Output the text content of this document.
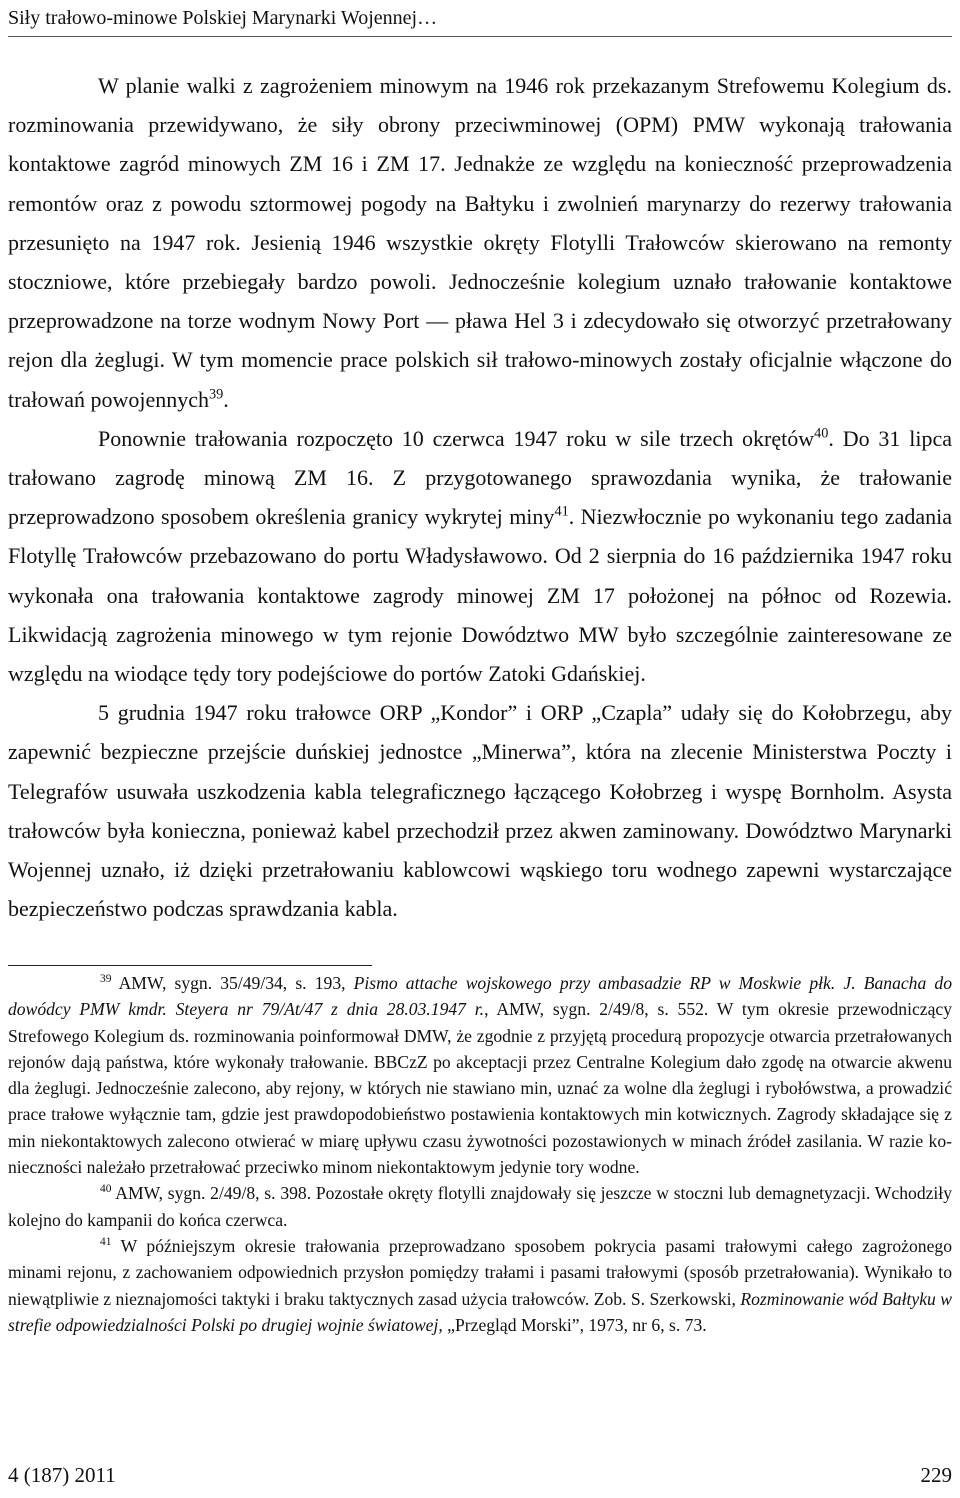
Siły trałowo-minowe Polskiej Marynarki Wojennej…

W planie walki z zagrożeniem minowym na 1946 rok przekazanym Strefowemu Kolegium ds. rozminowania przewidywano, że siły obrony przeciwminowej (OPM) PMW wykonają trałowania kontaktowe zagród minowych ZM 16 i ZM 17. Jednakże ze względu na konieczność przeprowadzenia remontów oraz z powodu sztormowej pogody na Bałtyku i zwolnień marynarzy do rezerwy trałowania przesunięto na 1947 rok. Jesienią 1946 wszystkie okręty Flotylli Trałowców skierowano na remonty stoczniowe, które przebiegały bardzo powoli. Jednocześnie kolegium uznało trałowanie kontaktowe przeprowadzone na torze wodnym Nowy Port — pława Hel 3 i zdecydowało się otworzyć przetrałowany rejon dla żeglugi. W tym momencie prace polskich sił trałowo-minowych zostały oficjalnie włączone do trałowań powojennych$^{39}$.

Ponownie trałowania rozpoczęto 10 czerwca 1947 roku w sile trzech okrętów$^{40}$. Do 31 lipca trałowano zagrodę minową ZM 16. Z przygotowanego sprawozdania wynika, że trałowanie przeprowadzono sposobem określenia granicy wykrytej miny$^{41}$. Niezwłocznie po wykonaniu tego zadania Flotyllę Trałowców przebazowano do portu Władysławowo. Od 2 sierpnia do 16 października 1947 roku wykonała ona trałowania kontaktowe zagrody minowej ZM 17 położonej na północ od Rozewia. Likwidacją zagrożenia minowego w tym rejonie Dowództwo MW było szczególnie zainteresowane ze względu na wiodące tędy tory podejściowe do portów Zatoki Gdańskiej.

5 grudnia 1947 roku trałowce ORP „Kondor” i ORP „Czapla” udały się do Kołobrzegu, aby zapewnić bezpieczne przejście duńskiej jednostce „Minerwa”, która na zlecenie Ministerstwa Poczty i Telegrafów usuwała uszkodzenia kabla telegraficznego łączącego Kołobrzeg i wyspę Bornholm. Asysta trałowców była konieczna, ponieważ kabel przechodził przez akwen zaminowany. Dowództwo Marynarki Wojennej uznało, iż dzięki przetrałowaniu kablowcowi wąskiego toru wodnego zapewni wystarczające bezpieczeństwo podczas sprawdzania kabla.

$^{39}$ AMW, sygn. 35/49/34, s. 193, Pismo attache wojskowego przy ambasadzie RP w Moskwie płk. J. Banacha do dowódcy PMW kmdr. Steyera nr 79/At/47 z dnia 28.03.1947 r., AMW, sygn. 2/49/8, s. 552. W tym okresie przewodniczący Strefowego Kolegium ds. rozminowania poinformował DMW, że zgodnie z przyjętą procedurą propozycje otwarcia przetrałowanych rejonów dają państwa, które wykonały trałowanie. BBCzZ po akceptacji przez Centralne Kolegium dało zgodę na otwarcie akwenu dla żeglugi. Jednocześnie zalecono, aby rejony, w których nie stawiano min, uznać za wolne dla żeglugi i rybołówstwa, a prowadzić prace trałowe wyłącznie tam, gdzie jest prawdopodobieństwo postawienia kontaktowych min kotwicznych. Zagrody składające się z min niekontaktowych zalecono otwierać w miarę upływu czasu żywotności pozostawionych w minach źródeł zasilania. W razie konieczności należało przetrałować przeciwko minom niekontaktowym jedynie tory wodne.

$^{40}$ AMW, sygn. 2/49/8, s. 398. Pozostałe okręty flotylli znajdowały się jeszcze w stoczni lub demagnetyzacji. Wchodziły kolejno do kampanii do końca czerwca.

$^{41}$ W późniejszym okresie trałowania przeprowadzano sposobem pokrycia pasami trałowymi całego zagrożonego minami rejonu, z zachowaniem odpowiednich przysłon pomiędzy trałami i pasami trałowymi (sposób przetrałowania). Wynikało to niewątpliwie z nieznajomości taktyki i braku taktycznych zasad użycia trałowców. Zob. S. Szerkowski, Rozminowanie wód Bałtyku w strefie odpowiedzialności Polski po drugiej wojnie światowej, „Przegląd Morski”, 1973, nr 6, s. 73.

4 (187) 2011	229
